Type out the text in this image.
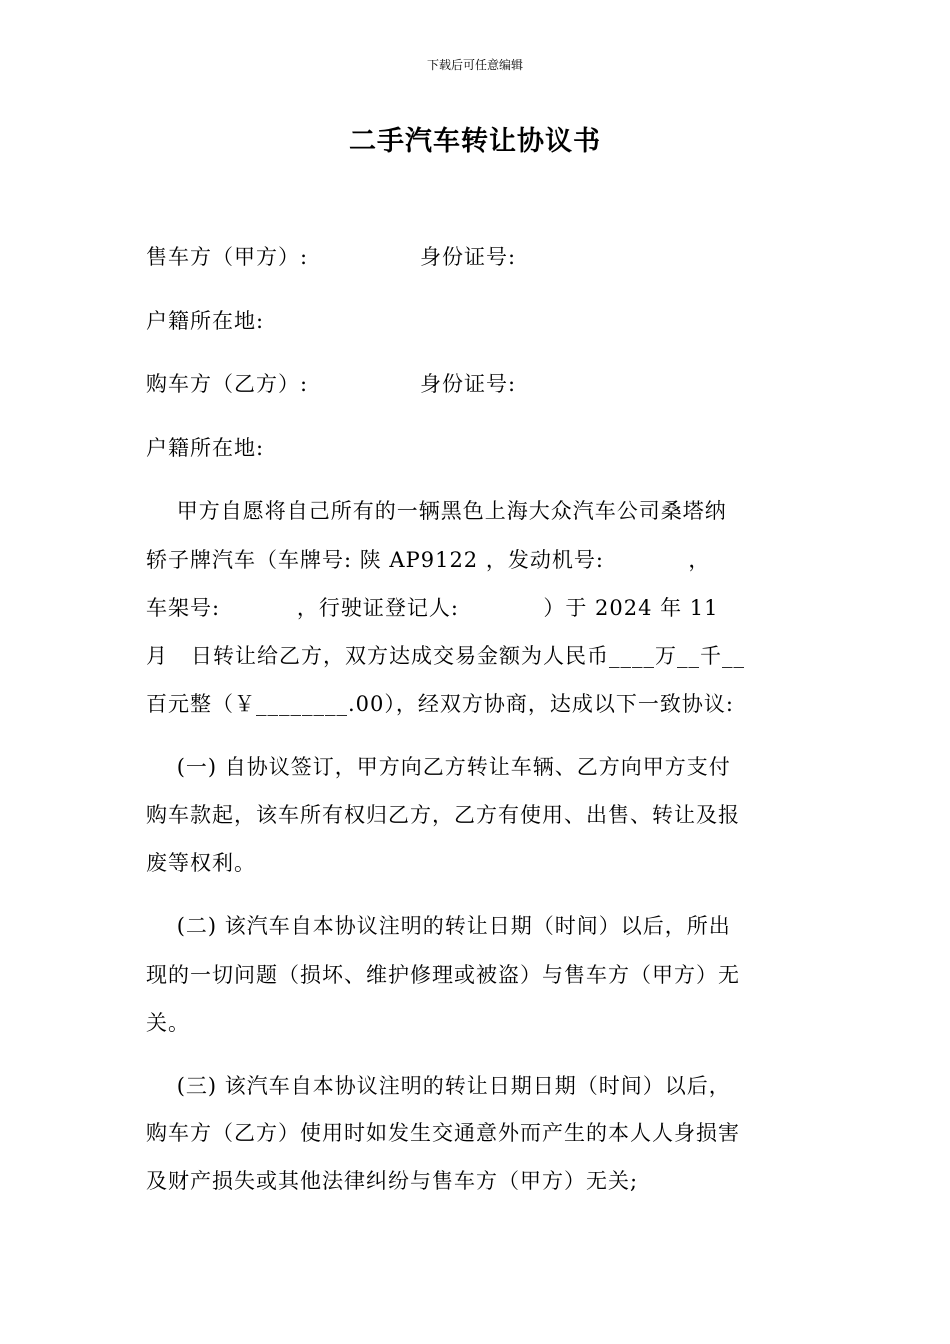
下载后可任意编辑
二手汽车转让协议书
售车方（甲方）:	身份证号:
户籍所在地:
购车方（乙方）:	身份证号:
户籍所在地:
甲方自愿将自己所有的一辆黑色上海大众汽车公司桑塔纳
轿子牌汽车（车牌号: 陕 AP9122 ，发动机号:           ，
车架号:          ，行驶证登记人:           ）于 2024 年 11
月   日转让给乙方，双方达成交易金额为人民币____万__千__
百元整（￥________.00），经双方协商，达成以下一致协议:
(一) 自协议签订，甲方向乙方转让车辆、乙方向甲方支付
购车款起，该车所有权归乙方，乙方有使用、出售、转让及报
废等权利。
(二) 该汽车自本协议注明的转让日期（时间）以后，所出
现的一切问题（损坏、维护修理或被盗）与售车方（甲方）无
关。
(三) 该汽车自本协议注明的转让日期日期（时间）以后，
购车方（乙方）使用时如发生交通意外而产生的本人人身损害
及财产损失或其他法律纠纷与售车方（甲方）无关;
